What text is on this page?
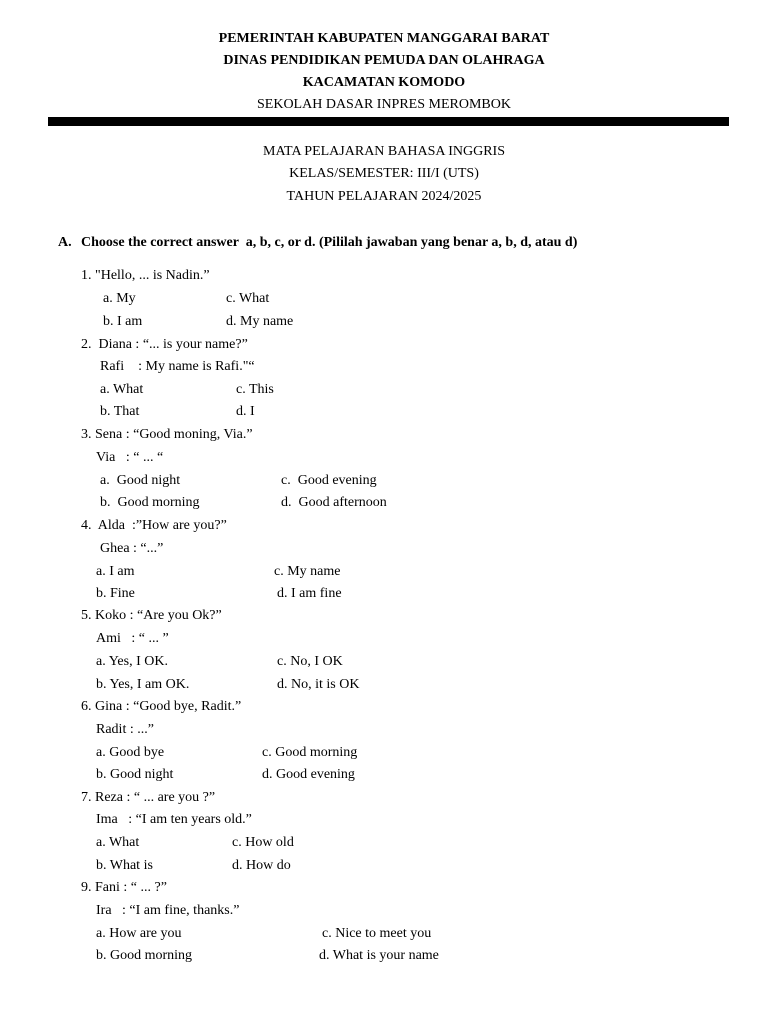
PEMERINTAH KABUPATEN MANGGARAI BARAT
DINAS PENDIDIKAN PEMUDA DAN OLAHRAGA
KACAMATAN KOMODO
SEKOLAH DASAR INPRES MEROMBOK
MATA PELAJARAN BAHASA INGGRIS
KELAS/SEMESTER: III/I (UTS)
TAHUN PELAJARAN 2024/2025
A. Choose the correct answer  a, b, c, or d. (Pililah jawaban yang benar a, b, d, atau d)
1. "Hello, ... is Nadin.”
a. My	c. What
b. I am	d. My name
2.  Diana : “... is your name?”
Rafi    : My name is Rafi."“
a. What	c. This
b. That	d. I
3. Sena : “Good moning, Via.”
Via   : “ ... “
a.  Good night	c.  Good evening
b.  Good morning	d.  Good afternoon
4.  Alda  :”How are you?”
Ghea : “...”
a. I am	c. My name
b. Fine	d. I am fine
5. Koko : “Are you Ok?”
Ami   : “ ... ”
a. Yes, I OK.	c. No, I OK
b. Yes, I am OK.	d. No, it is OK
6. Gina : “Good bye, Radit.”
Radit : ...”
a. Good bye	c. Good morning
b. Good night	d. Good evening
7. Reza : “ ... are you ?”
Ima   : “I am ten years old.”
a. What	c. How old
b. What is	d. How do
9. Fani : “ ... ?”
Ira   : “I am fine, thanks.”
a. How are you	c. Nice to meet you
b. Good morning	d. What is your name
